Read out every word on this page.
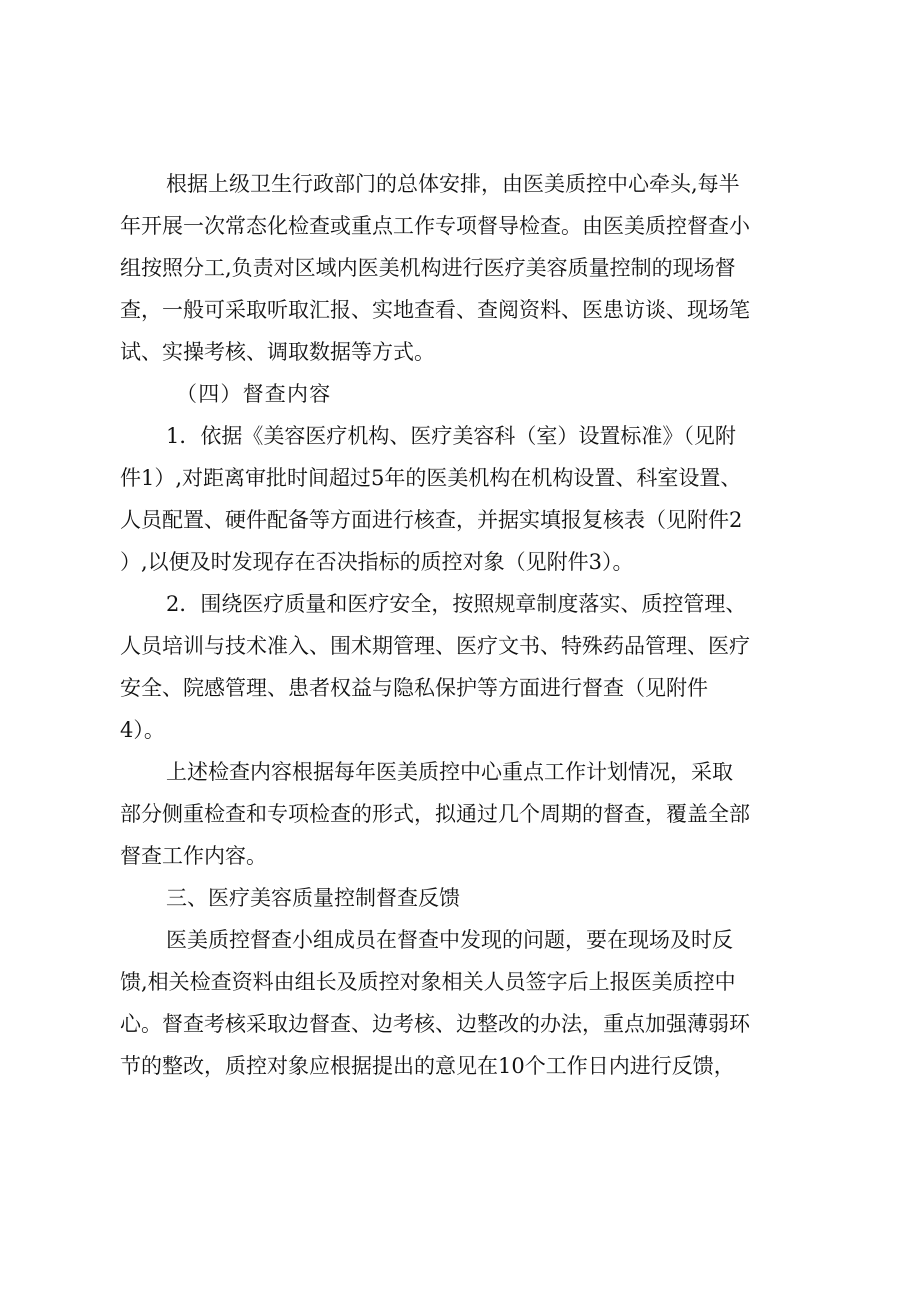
根据上级卫生行政部门的总体安排，由医美质控中心牵头,每半
年开展一次常态化检查或重点工作专项督导检查。由医美质控督查小
组按照分工,负责对区域内医美机构进行医疗美容质量控制的现场督
查，一般可采取听取汇报、实地查看、查阅资料、医患访谈、现场笔
试、实操考核、调取数据等方式。
（四）督查内容
1．依据《美容医疗机构、医疗美容科（室）设置标准》（见附
件1）,对距离审批时间超过5年的医美机构在机构设置、科室设置、
人员配置、硬件配备等方面进行核查，并据实填报复核表（见附件2
）,以便及时发现存在否决指标的质控对象（见附件3）。
2．围绕医疗质量和医疗安全，按照规章制度落实、质控管理、
人员培训与技术准入、围术期管理、医疗文书、特殊药品管理、医疗
安全、院感管理、患者权益与隐私保护等方面进行督查（见附件
4）。
上述检查内容根据每年医美质控中心重点工作计划情况，采取
部分侧重检查和专项检查的形式，拟通过几个周期的督查，覆盖全部
督查工作内容。
三、医疗美容质量控制督查反馈
医美质控督查小组成员在督查中发现的问题，要在现场及时反
馈,相关检查资料由组长及质控对象相关人员签字后上报医美质控中
心。督查考核采取边督查、边考核、边整改的办法，重点加强薄弱环
节的整改，质控对象应根据提出的意见在10个工作日内进行反馈，
